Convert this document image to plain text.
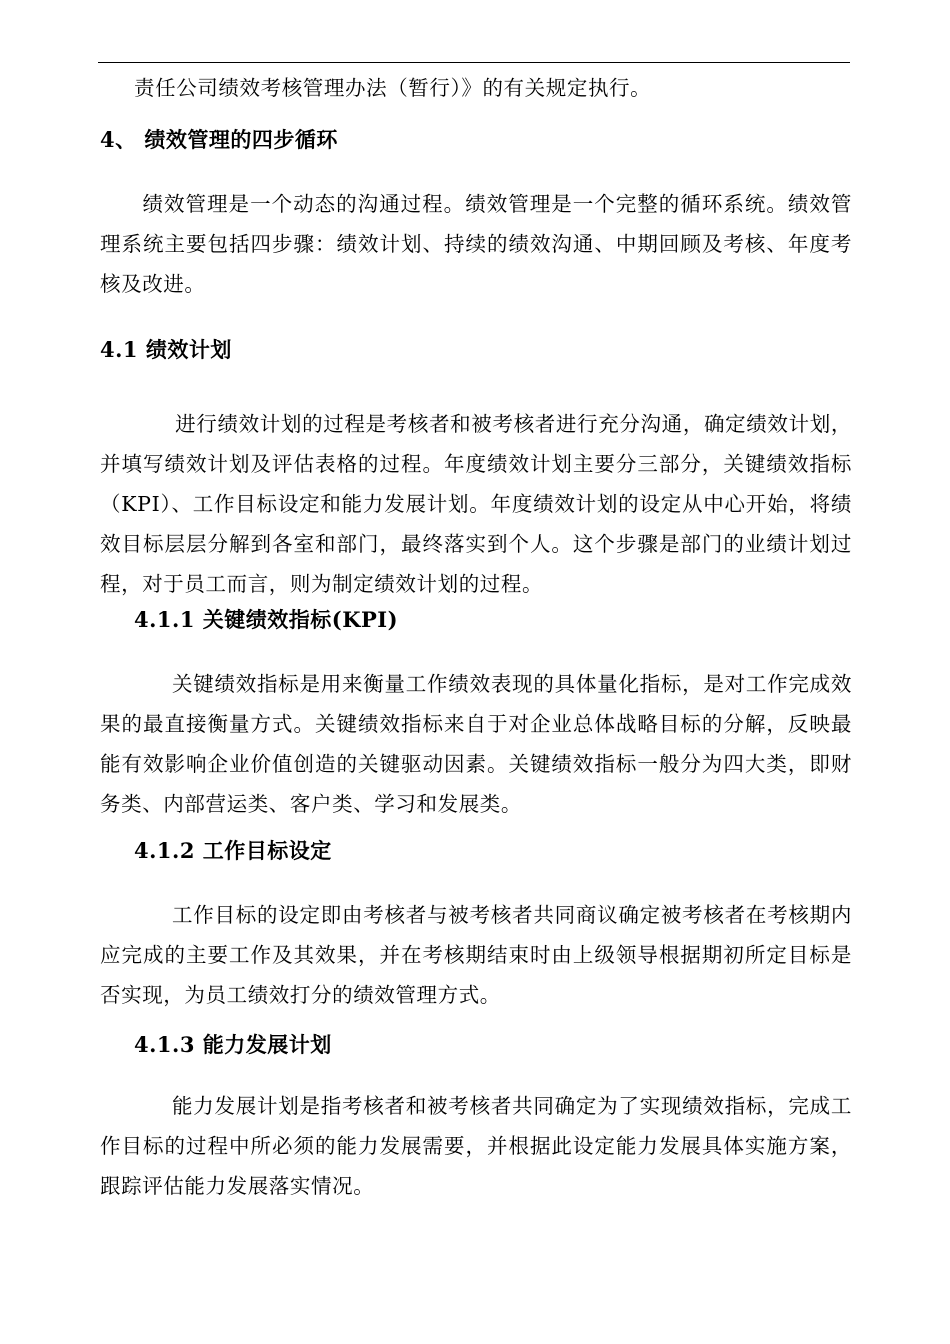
责任公司绩效考核管理办法（暂行）》的有关规定执行。

4、 绩效管理的四步循环

　绩效管理是一个动态的沟通过程。绩效管理是一个完整的循环系统。绩效管理系统主要包括四步骤：绩效计划、持续的绩效沟通、中期回顾及考核、年度考核及改进。

4.1 绩效计划

　进行绩效计划的过程是考核者和被考核者进行充分沟通，确定绩效计划，并填写绩效计划及评估表格的过程。年度绩效计划主要分三部分，关键绩效指标（KPI）、工作目标设定和能力发展计划。年度绩效计划的设定从中心开始，将绩效目标层层分解到各室和部门，最终落实到个人。这个步骤是部门的业绩计划过程，对于员工而言，则为制定绩效计划的过程。

4.1.1 关键绩效指标(KPI)

关键绩效指标是用来衡量工作绩效表现的具体量化指标，是对工作完成效果的最直接衡量方式。关键绩效指标来自于对企业总体战略目标的分解，反映最能有效影响企业价值创造的关键驱动因素。关键绩效指标一般分为四大类，即财务类、内部营运类、客户类、学习和发展类。

4.1.2 工作目标设定

工作目标的设定即由考核者与被考核者共同商议确定被考核者在考核期内应完成的主要工作及其效果，并在考核期结束时由上级领导根据期初所定目标是否实现，为员工绩效打分的绩效管理方式。

4.1.3 能力发展计划

能力发展计划是指考核者和被考核者共同确定为了实现绩效指标，完成工作目标的过程中所必须的能力发展需要，并根据此设定能力发展具体实施方案，跟踪评估能力发展落实情况。
